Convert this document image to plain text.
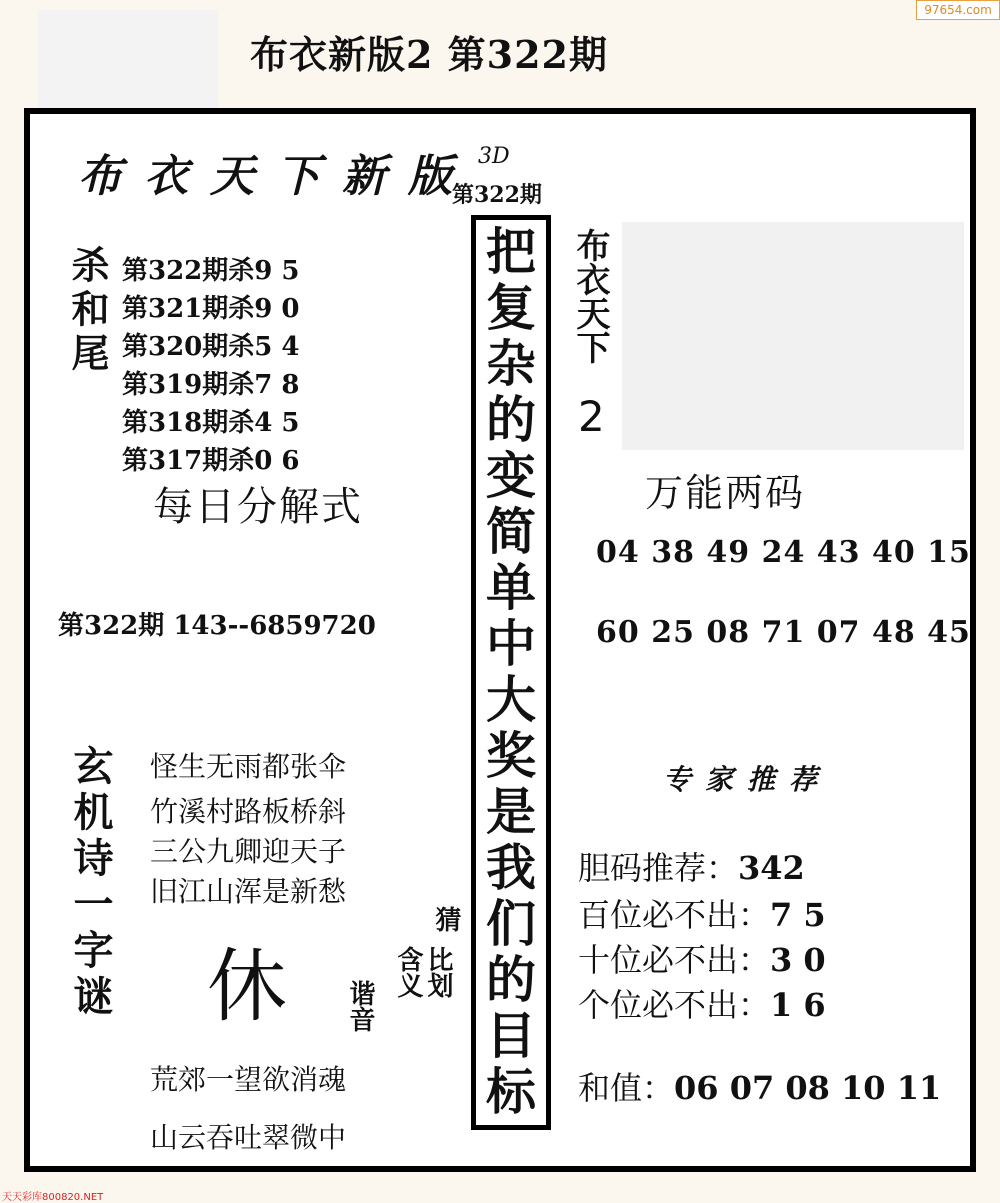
97654.com
布衣新版2 第322期
布衣天下新版 3D
第322期
把复杂的变简单中大奖是我们的目标
杀和尾 第322期杀9 5
第321期杀9 0
第320期杀5 4
第319期杀7 8
第318期杀4 5
第317期杀0 6
每日分解式
第322期 143--6859720
玄机诗一字谜 怪生无雨都张伞
竹溪村路板桥斜
三公九卿迎天子
旧江山浑是新愁
休
猜
比划
含义
谐音
荒郊一望欲消魂
山云吞吐翠微中
布衣天下
2
万能两码
04 38 49 24 43 40 15
60 25 08 71 07 48 45
专家推荐
胆码推荐：342
百位必不出：7 5
十位必不出：3 0
个位必不出：1 6
和值：06 07 08 10 11
天天彩库800820.NET
